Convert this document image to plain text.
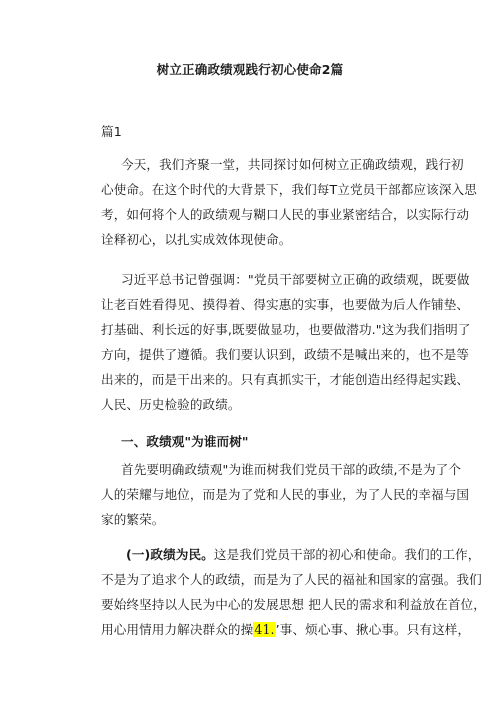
树立正确政绩观践行初心使命2篇
篇1
今天，我们齐聚一堂，共同探讨如何树立正确政绩观，践行初
心使命。在这个时代的大背景下，我们每T立党员干部都应该深入思
考，如何将个人的政绩观与糊口人民的事业紧密结合，以实际行动
诠释初心，以扎实成效体现使命。
习近平总书记曾强调："党员干部要树立正确的政绩观，既要做
让老百姓看得见、摸得着、得实惠的实事，也要做为后人作铺垫、
打基础、利长远的好事,既要做显功，也要做潜功."这为我们指明了
方向，提供了遵循。我们要认识到，政绩不是喊出来的，也不是等
出来的，而是干出来的。只有真抓实干，才能创造出经得起实践、
人民、历史检验的政绩。
一、政绩观"为谁而树"
首先要明确政绩观"为谁而树我们党员干部的政绩,不是为了个
人的荣耀与地位，而是为了党和人民的事业，为了人民的幸福与国
家的繁荣。
(一)政绩为民。这是我们党员干部的初心和使命。我们的工作，
不是为了追求个人的政绩，而是为了人民的福祉和国家的富强。我们
要始终坚持以人民为中心的发展思想 把人民的需求和利益放在首位，
用心用情用力解决群众的操41.’事、烦心事、揪心事。只有这样，
